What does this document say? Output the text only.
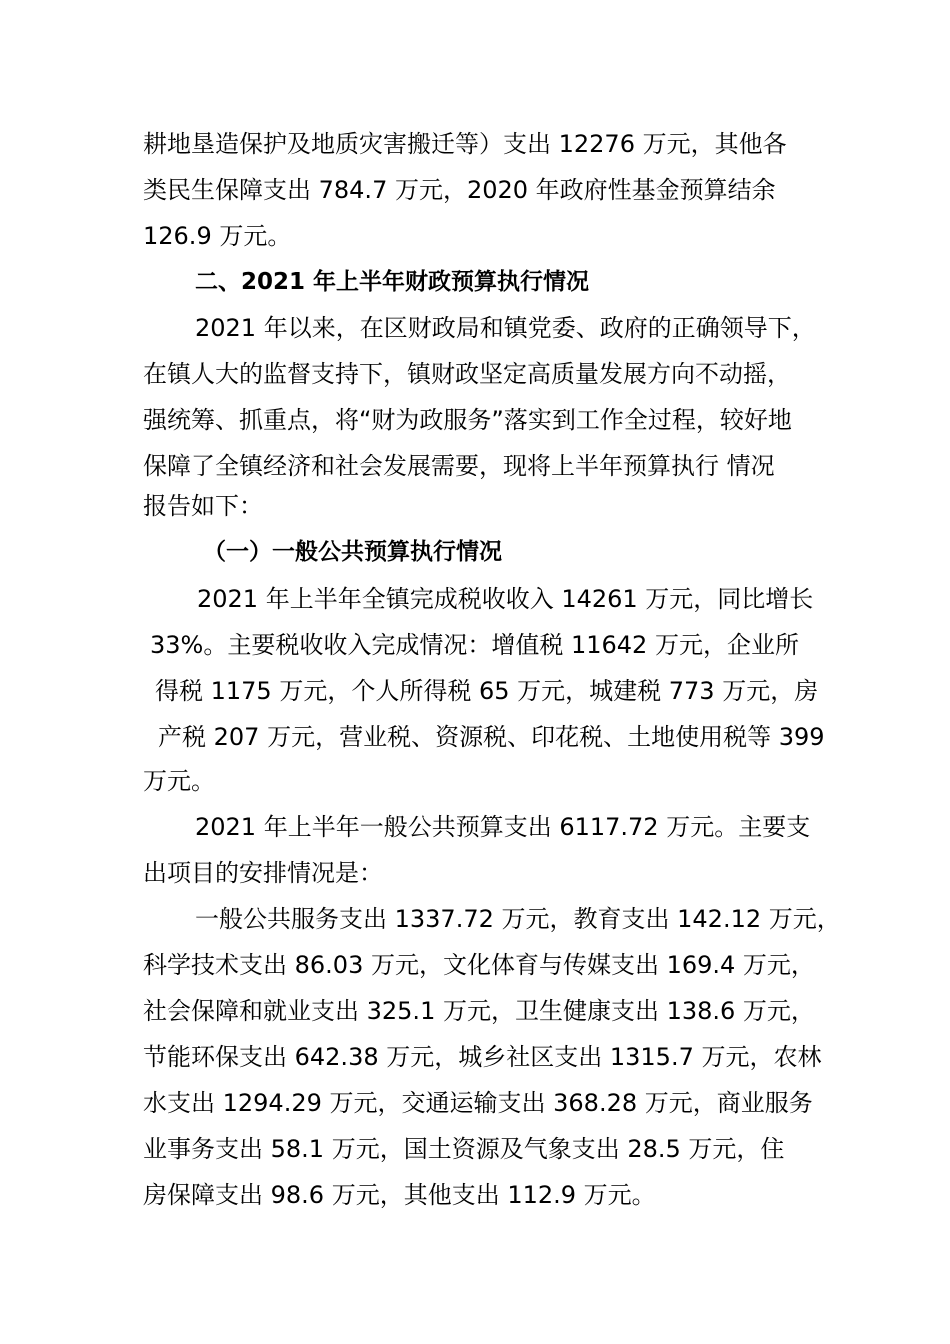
耕地垦造保护及地质灾害搬迁等）支出 12276 万元，其他各
类民生保障支出 784.7 万元，2020 年政府性基金预算结余
126.9 万元。
二、2021 年上半年财政预算执行情况
2021 年以来，在区财政局和镇党委、政府的正确领导下，
在镇人大的监督支持下，镇财政坚定高质量发展方向不动摇，
强统筹、抓重点，将“财为政服务”落实到工作全过程，较好地
保障了全镇经济和社会发展需要，现将上半年预算执行 情况
报告如下：
（一）一般公共预算执行情况
2021 年上半年全镇完成税收收入 14261 万元，同比增长
33%。主要税收收入完成情况：增值税 11642 万元，企业所
得税 1175 万元，个人所得税 65 万元，城建税 773 万元，房
产税 207 万元，营业税、资源税、印花税、土地使用税等 399
万元。
2021 年上半年一般公共预算支出 6117.72 万元。主要支
出项目的安排情况是：
一般公共服务支出 1337.72 万元，教育支出 142.12 万元，
科学技术支出 86.03 万元，文化体育与传媒支出 169.4 万元，
社会保障和就业支出 325.1 万元，卫生健康支出 138.6 万元，
节能环保支出 642.38 万元，城乡社区支出 1315.7 万元，农林
水支出 1294.29 万元，交通运输支出 368.28 万元，商业服务
业事务支出 58.1 万元，国土资源及气象支出 28.5 万元，住
房保障支出 98.6 万元，其他支出 112.9 万元。
